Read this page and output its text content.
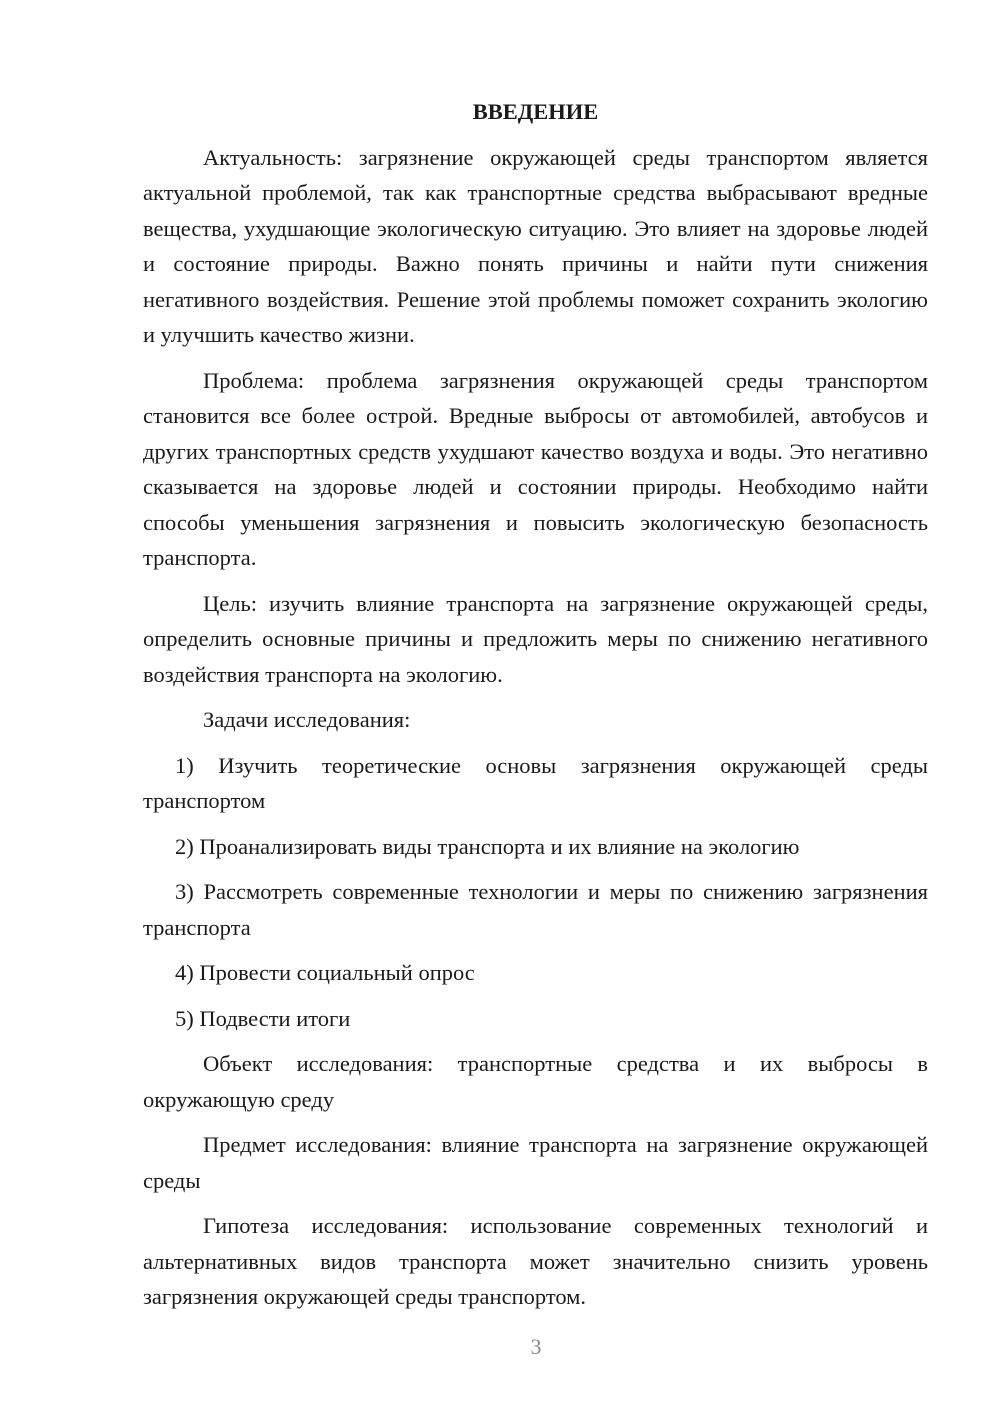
ВВЕДЕНИЕ

Актуальность: загрязнение окружающей среды транспортом является актуальной проблемой, так как транспортные средства выбрасывают вредные вещества, ухудшающие экологическую ситуацию. Это влияет на здоровье людей и состояние природы. Важно понять причины и найти пути снижения негативного воздействия. Решение этой проблемы поможет сохранить экологию и улучшить качество жизни.

Проблема: проблема загрязнения окружающей среды транспортом становится все более острой. Вредные выбросы от автомобилей, автобусов и других транспортных средств ухудшают качество воздуха и воды. Это негативно сказывается на здоровье людей и состоянии природы. Необходимо найти способы уменьшения загрязнения и повысить экологическую безопасность транспорта.

Цель: изучить влияние транспорта на загрязнение окружающей среды, определить основные причины и предложить меры по снижению негативного воздействия транспорта на экологию.

Задачи исследования:

1) Изучить теоретические основы загрязнения окружающей среды транспортом

2) Проанализировать виды транспорта и их влияние на экологию

3) Рассмотреть современные технологии и меры по снижению загрязнения транспорта

4) Провести социальный опрос

5) Подвести итоги

Объект исследования: транспортные средства и их выбросы в окружающую среду

Предмет исследования: влияние транспорта на загрязнение окружающей среды

Гипотеза исследования: использование современных технологий и альтернативных видов транспорта может значительно снизить уровень загрязнения окружающей среды транспортом.

3
